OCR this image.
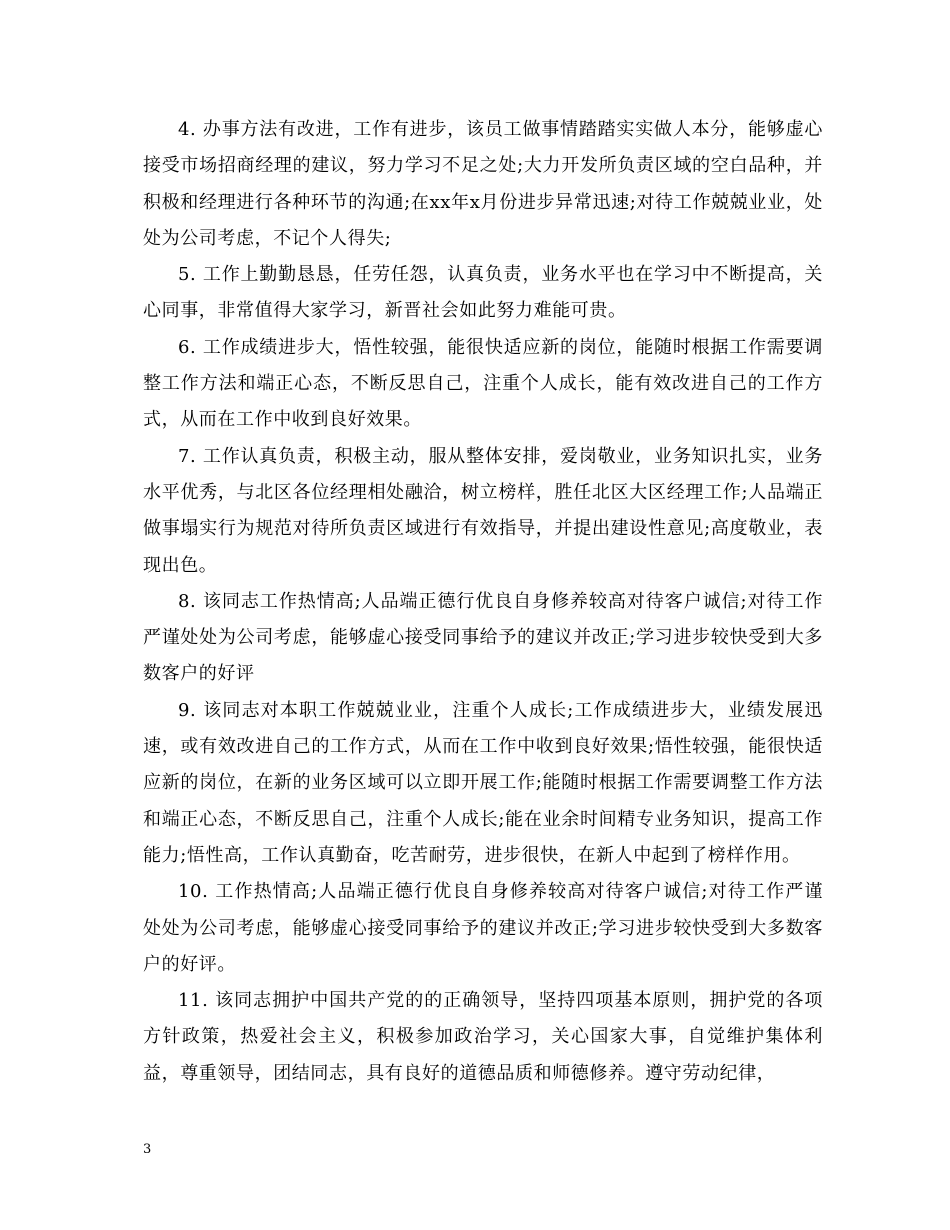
4. 办事方法有改进，工作有进步，该员工做事情踏踏实实做人本分，能够虚心接受市场招商经理的建议，努力学习不足之处;大力开发所负责区域的空白品种，并积极和经理进行各种环节的沟通;在xx年x月份进步异常迅速;对待工作兢兢业业，处处为公司考虑，不记个人得失;

5. 工作上勤勤恳恳，任劳任怨，认真负责，业务水平也在学习中不断提高，关心同事，非常值得大家学习，新晋社会如此努力难能可贵。

6. 工作成绩进步大，悟性较强，能很快适应新的岗位，能随时根据工作需要调整工作方法和端正心态，不断反思自己，注重个人成长，能有效改进自己的工作方式，从而在工作中收到良好效果。

7. 工作认真负责，积极主动，服从整体安排，爱岗敬业，业务知识扎实，业务水平优秀，与北区各位经理相处融洽，树立榜样，胜任北区大区经理工作;人品端正做事塌实行为规范对待所负责区域进行有效指导，并提出建设性意见;高度敬业，表现出色。

8. 该同志工作热情高;人品端正德行优良自身修养较高对待客户诚信;对待工作严谨处处为公司考虑，能够虚心接受同事给予的建议并改正;学习进步较快受到大多数客户的好评

9. 该同志对本职工作兢兢业业，注重个人成长;工作成绩进步大，业绩发展迅速，或有效改进自己的工作方式，从而在工作中收到良好效果;悟性较强，能很快适应新的岗位，在新的业务区域可以立即开展工作;能随时根据工作需要调整工作方法和端正心态，不断反思自己，注重个人成长;能在业余时间精专业务知识，提高工作能力;悟性高，工作认真勤奋，吃苦耐劳，进步很快，在新人中起到了榜样作用。

10. 工作热情高;人品端正德行优良自身修养较高对待客户诚信;对待工作严谨处处为公司考虑，能够虚心接受同事给予的建议并改正;学习进步较快受到大多数客户的好评。

11. 该同志拥护中国共产党的的正确领导，坚持四项基本原则，拥护党的各项方针政策，热爱社会主义，积极参加政治学习，关心国家大事，自觉维护集体利益，尊重领导，团结同志，具有良好的道德品质和师德修养。遵守劳动纪律，

3
